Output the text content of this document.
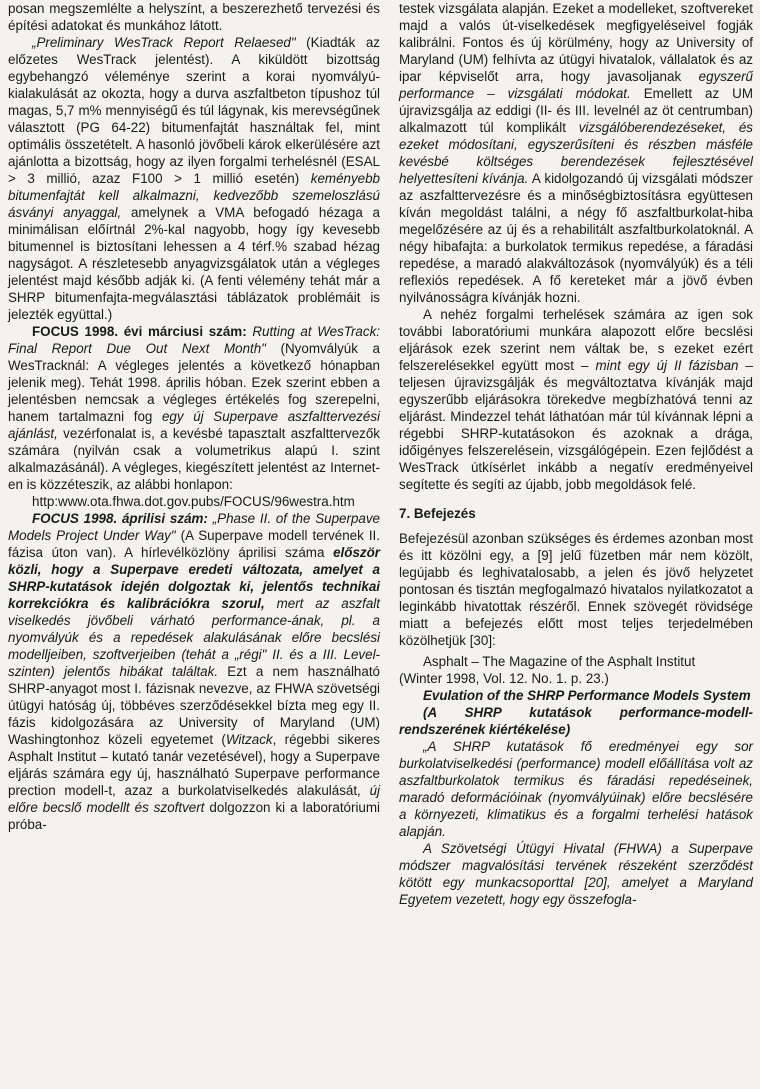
posan megszemlélte a helyszínt, a beszerezhető tervezési és építési adatokat és munkához látott.

„Preliminary WesTrack Report Relaesed" (Kiadták az előzetes WesTrack jelentést). A kiküldött bizottság egybehangzó véleménye szerint a korai nyomvályú-kialakulását az okozta, hogy a durva aszfaltbeton típushoz túl magas, 5,7 m% mennyiségű és túl lágynak, kis merevségűnek választott (PG 64-22) bitumenfajtát használtak fel, mint optimális összetételt. A hasonló jövőbeli károk elkerülésére azt ajánlotta a bizottság, hogy az ilyen forgalmi terhelésnél (ESAL > 3 millió, azaz F100 > 1 millió esetén) keményebb bitumenfajtát kell alkalmazni, kedvezőbb szemeloszlású ásványi anyaggal, amelynek a VMA befogadó hézaga a minimálisan előírtnál 2%-kal nagyobb, hogy így kevesebb bitumennel is biztosítani lehessen a 4 térf.% szabad hézag nagyságot. A részletesebb anyagvizsgálatok után a végleges jelentést majd később adják ki. (A fenti vélemény tehát már a SHRP bitumenfajta-megválasztási táblázatok problémáit is jelezték együttal.)

FOCUS 1998. évi márciusi szám: Rutting at WesTrack: Final Report Due Out Next Month" (Nyomvályúk a WesTracknál: A végleges jelentés a következő hónapban jelenik meg). Tehát 1998. április hóban. Ezek szerint ebben a jelentésben nemcsak a végleges értékelés fog szerepelni, hanem tartalmazni fog egy új Superpave aszfalttervezési ajánlást, vezérfonalat is, a kevésbé tapasztalt aszfalttervezők számára (nyilván csak a volumetrikus alapú I. szint alkalmazásánál). A végleges, kiegészített jelentést az Internet-en is közzéteszik, az alábbi honlapon:

http:www.ota.fhwa.dot.gov.pubs/FOCUS/96westra.htm

FOCUS 1998. áprilisi szám: „Phase II. of the Superpave Models Project Under Way" (A Superpave modell tervének II. fázisa úton van). A hírlevélközlöny áprilisi száma először közli, hogy a Superpave eredeti változata, amelyet a SHRP-kutatások idején dolgoztak ki, jelentős technikai korrekciókra és kalibrációkra szorul, mert az aszfalt viselkedés jövőbeli várható performance-ának, pl. a nyomvályúk és a repedések alakulásának előre becslési modelljeiben, szoftverjeiben (tehát a „régi" II. és a III. Level-szinten) jelentős hibákat találtak. Ezt a nem használható SHRP-anyagot most I. fázisnak nevezve, az FHWA szövetségi útügyi hatóság új, többéves szerződésekkel bízta meg egy II. fázis kidolgozására az University of Maryland (UM) Washingtonhoz közeli egyetemet (Witzack, régebbi sikeres Asphalt Institut – kutató tanár vezetésével), hogy a Superpave eljárás számára egy új, használható Superpave performance prection modell-t, azaz a burkolatviselkedés alakulását, új előre becslő modellt és szoftvert dolgozzon ki a laboratóriumi próba-

testek vizsgálata alapján. Ezeket a modelleket, szoftvereket majd a valós út-viselkedések megfigyeléseivel fogják kalibrálni. Fontos és új körülmény, hogy az University of Maryland (UM) felhívta az útügyi hivatalok, vállalatok és az ipar képviselőt arra, hogy javasoljanak egyszerű performance – vizsgálati módokat. Emellett az UM újravizsgálja az eddigi (II- és III. levelnél az öt centrumban) alkalmazott túl komplikált vizsgálóberendezéseket, és ezeket módosítani, egyszerűsíteni és részben másféle kevésbé költséges berendezések fejlesztésével helyettesíteni kívánja. A kidolgozandó új vizsgálati módszer az aszfalttervezésre és a minőségbiztosításra együttesen kíván megoldást találni, a négy fő aszfaltburkolat-hiba megelőzésére az új és a rehabilitált aszfaltburkolatoknál. A négy hibafajta: a burkolatok termikus repedése, a fáradási repedése, a maradó alakváltozások (nyomvályúk) és a téli reflexiós repedések. A fő kereteket már a jövő évben nyilvánosságra kívánják hozni.

A nehéz forgalmi terhelések számára az igen sok további laboratóriumi munkára alapozott előre becslési eljárások ezek szerint nem váltak be, s ezeket ezért felszerelésekkel együtt most – mint egy új II fázisban – teljesen újravizsgálják és megváltoztatva kívánják majd egyszerűbb eljárásokra törekedve megbízhatóvá tenni az eljárást. Mindezzel tehát láthatóan már túl kívánnak lépni a régebbi SHRP-kutatásokon és azoknak a drága, időigényes felszerelésein, vizsgálógépein. Ezen fejlődést a WesTrack útkísérlet inkább a negatív eredményeivel segítette és segíti az újabb, jobb megoldások felé.

7. Befejezés

Befejezésül azonban szükséges és érdemes azonban most és itt közölni egy, a [9] jelű füzetben már nem közölt, legújabb és leghivatalosabb, a jelen és jövő helyzetet pontosan és tisztán megfogalmazó hivatalos nyilatkozatot a leginkább hivatottak részéről. Ennek szövegét rövidsége miatt a befejezés előtt most teljes terjedelmében közölhetjük [30]:

Asphalt – The Magazine of the Asphalt Institut

(Winter 1998, Vol. 12. No. 1. p. 23.)

Evulation of the SHRP Performance Models System

(A SHRP kutatások performance-modell-rendszerének kiértékelése)

„A SHRP kutatások fő eredményei egy sor burkolatviselkedési (performance) modell előállítása volt az aszfaltburkolatok termikus és fáradási repedéseinek, maradó deformációinak (nyomvályúinak) előre becslésére a környezeti, klimatikus és a forgalmi terhelési hatások alapján.

A Szövetségi Útügyi Hivatal (FHWA) a Superpave módszer magvalósítási tervének részeként szerződést kötött egy munkacsoporttal [20], amelyet a Maryland Egyetem vezetett, hogy egy összefogla-
